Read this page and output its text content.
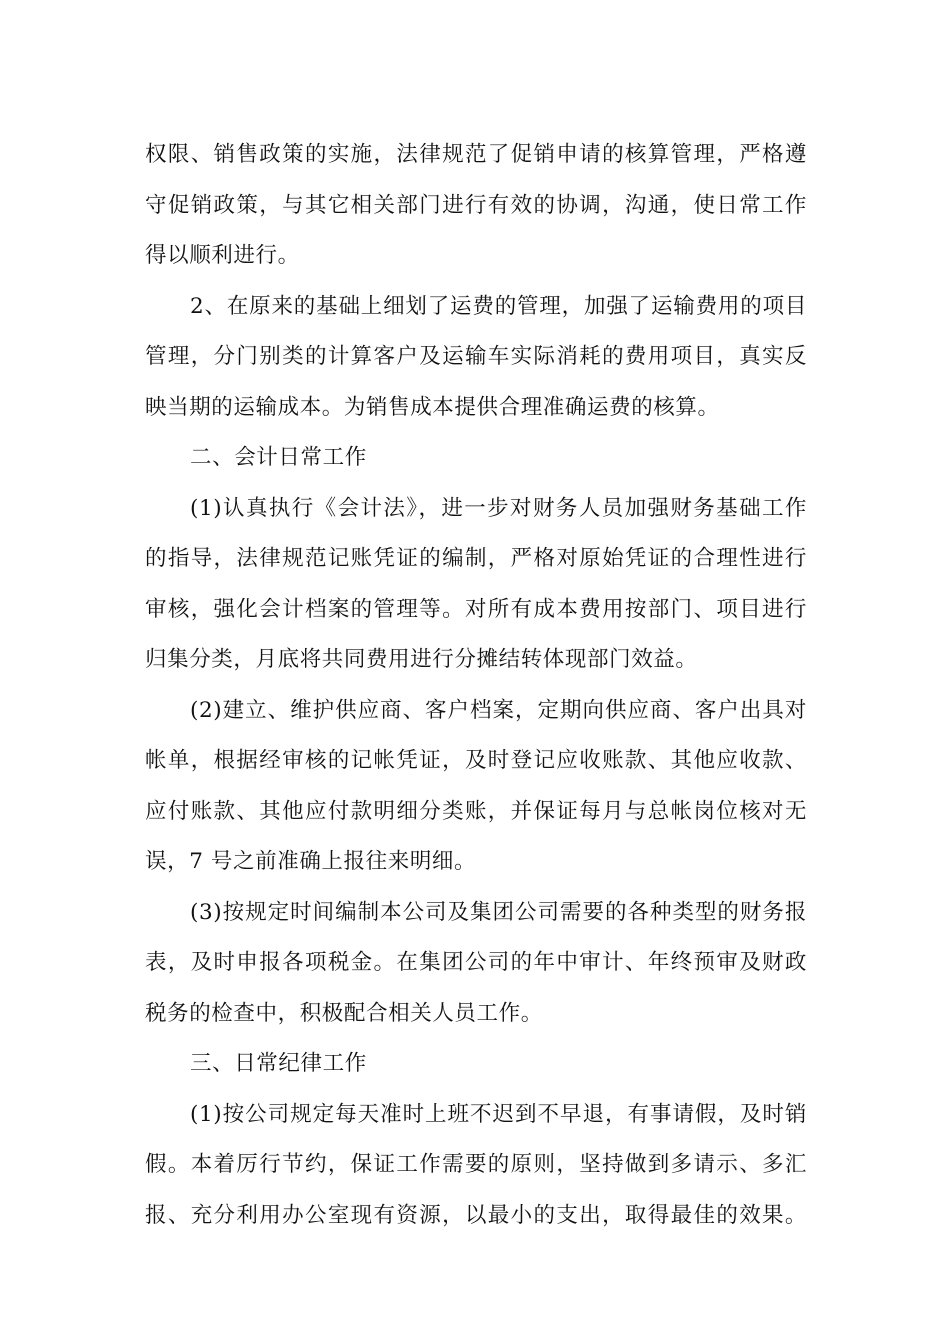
权限、销售政策的实施，法律规范了促销申请的核算管理，严格遵
守促销政策，与其它相关部门进行有效的协调，沟通，使日常工作
得以顺利进行。
2、在原来的基础上细划了运费的管理，加强了运输费用的项目
管理，分门别类的计算客户及运输车实际消耗的费用项目，真实反
映当期的运输成本。为销售成本提供合理准确运费的核算。
二、会计日常工作
(1)认真执行《会计法》，进一步对财务人员加强财务基础工作
的指导，法律规范记账凭证的编制，严格对原始凭证的合理性进行
审核，强化会计档案的管理等。对所有成本费用按部门、项目进行
归集分类，月底将共同费用进行分摊结转体现部门效益。
(2)建立、维护供应商、客户档案，定期向供应商、客户出具对
帐单，根据经审核的记帐凭证，及时登记应收账款、其他应收款、
应付账款、其他应付款明细分类账，并保证每月与总帐岗位核对无
误，7 号之前准确上报往来明细。
(3)按规定时间编制本公司及集团公司需要的各种类型的财务报
表，及时申报各项税金。在集团公司的年中审计、年终预审及财政
税务的检查中，积极配合相关人员工作。
三、日常纪律工作
(1)按公司规定每天准时上班不迟到不早退，有事请假，及时销
假。本着厉行节约，保证工作需要的原则，坚持做到多请示、多汇
报、充分利用办公室现有资源，以最小的支出，取得最佳的效果。
